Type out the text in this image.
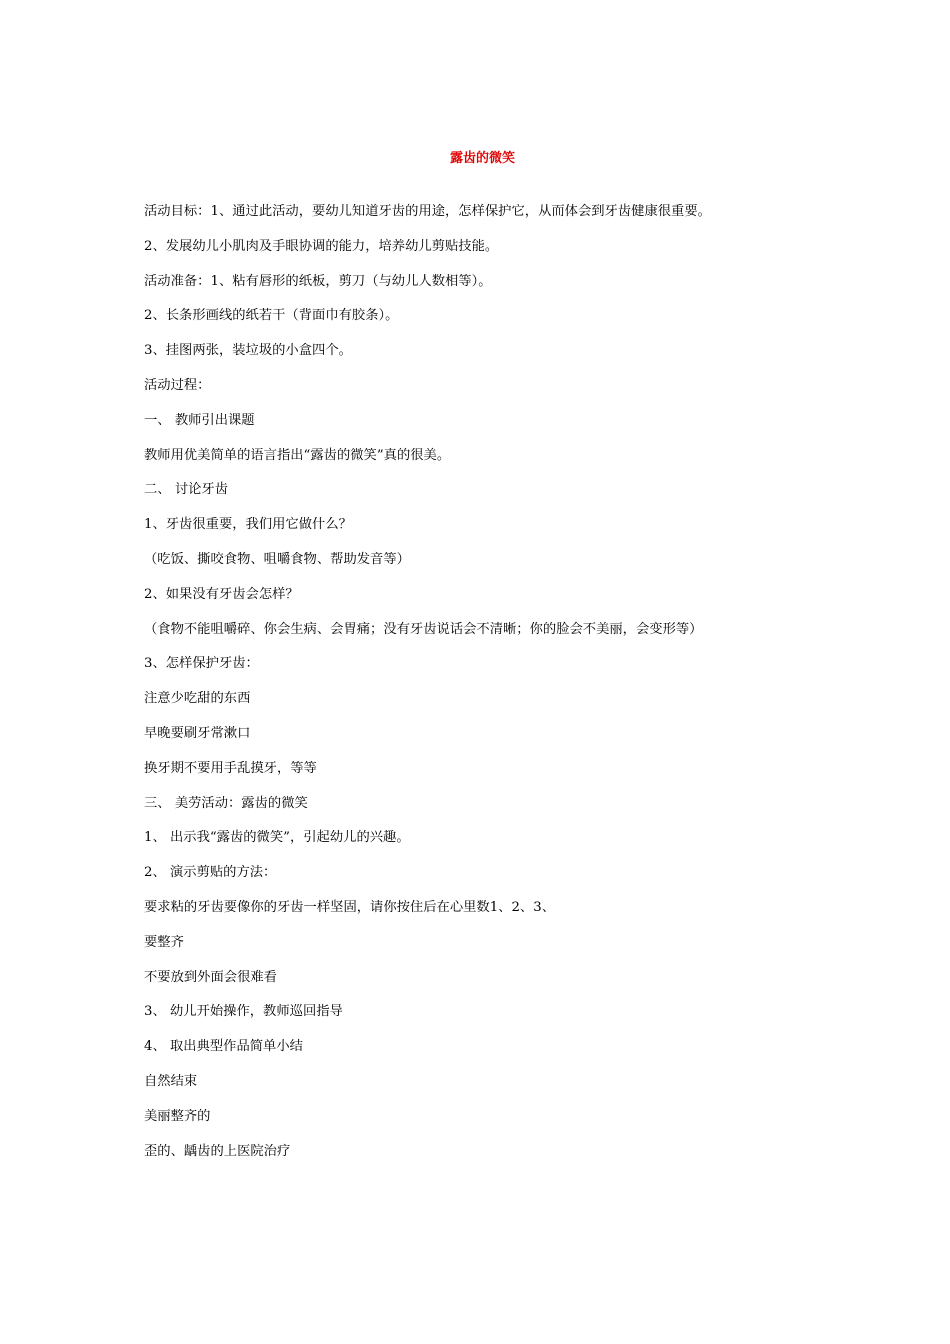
露齿的微笑
活动目标：1、通过此活动，要幼儿知道牙齿的用途，怎样保护它，从而体会到牙齿健康很重要。
2、发展幼儿小肌肉及手眼协调的能力，培养幼儿剪贴技能。
活动准备：1、粘有唇形的纸板，剪刀（与幼儿人数相等）。
2、长条形画线的纸若干（背面巾有胶条）。
3、挂图两张，装垃圾的小盒四个。
活动过程：
一、 教师引出课题
教师用优美简单的语言指出“露齿的微笑”真的很美。
二、 讨论牙齿
1、牙齿很重要，我们用它做什么？
（吃饭、撕咬食物、咀嚼食物、帮助发音等）
2、如果没有牙齿会怎样？
（食物不能咀嚼碎、你会生病、会胃痛；没有牙齿说话会不清晰；你的脸会不美丽，会变形等）
3、怎样保护牙齿：
注意少吃甜的东西
早晚要刷牙常漱口
换牙期不要用手乱摸牙，等等
三、 美劳活动：露齿的微笑
1、 出示我“露齿的微笑”，引起幼儿的兴趣。
2、 演示剪贴的方法：
要求粘的牙齿要像你的牙齿一样坚固，请你按住后在心里数1、2、3、
要整齐
不要放到外面会很难看
3、 幼儿开始操作，教师巡回指导
4、 取出典型作品简单小结
自然结束
美丽整齐的
歪的、龋齿的上医院治疗
